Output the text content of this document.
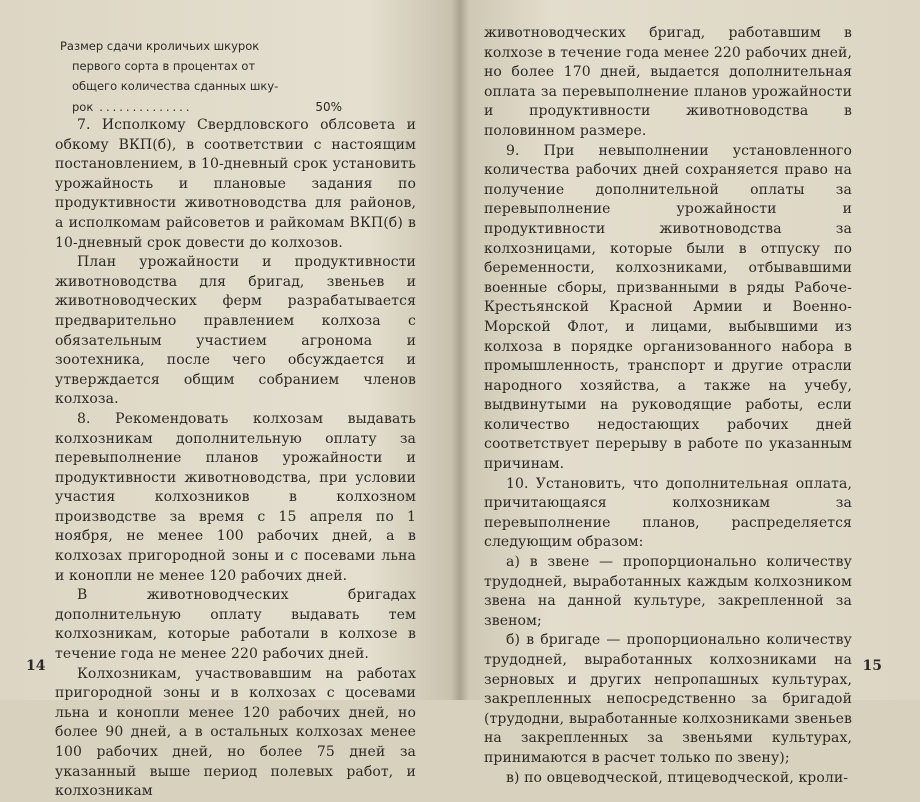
Размер сдачи кроличьих шкурок
первого сорта в процентах от
общего количества сданных шку-
рок ..............	50%

7. Исполкому Свердловского облсовета и обкому ВКП(б), в соответствии с настоящим постановлением, в 10-дневный срок установить урожайность и плановые задания по продуктивности животноводства для районов, а исполкомам райсоветов и райкомам ВКП(б) в 10-дневный срок довести до колхозов.

План урожайности и продуктивности животноводства для бригад, звеньев и животноводческих ферм разрабатывается предварительно правлением колхоза с обязательным участием агронома и зоотехника, после чего обсуждается и утверждается общим собранием членов колхоза.

8. Рекомендовать колхозам выдавать колхозникам дополнительную оплату за перевыполнение планов урожайности и продуктивности животноводства, при условии участия колхозников в колхозном производстве за время с 15 апреля по 1 ноября, не менее 100 рабочих дней, а в колхозах пригородной зоны и с посевами льна и конопли не менее 120 рабочих дней.

В животноводческих бригадах дополнительную оплату выдавать тем колхозникам, которые работали в колхозе в течение года не менее 220 рабочих дней.

Колхозникам, участвовавшим на работах пригородной зоны и в колхозах с цосевами льна и конопли менее 120 рабочих дней, но более 90 дней, а в остальных колхозах менее 100 рабочих дней, но более 75 дней за указанный выше период полевых работ, и колхозникам

14

животноводческих бригад, работавшим в колхозе в течение года менее 220 рабочих дней, но более 170 дней, выдается дополнительная оплата за перевыполнение планов урожайности и продуктивности животноводства в половинном размере.

9. При невыполнении установленного количества рабочих дней сохраняется право на получение дополнительной оплаты за перевыполнение урожайности и продуктивности животноводства за колхозницами, которые были в отпуску по беременности, колхозниками, отбывавшими военные сборы, призванными в ряды Рабоче-Крестьянской Красной Армии и Военно-Морской Флот, и лицами, выбывшими из колхоза в порядке организованного набора в промышленность, транспорт и другие отрасли народного хозяйства, а также на учебу, выдвинутыми на руководящие работы, если количество недостающих рабочих дней соответствует перерыву в работе по указанным причинам.

10. Установить, что дополнительная оплата, причитающаяся колхозникам за перевыполнение планов, распределяется следующим образом:

а) в звене — пропорционально количеству трудодней, выработанных каждым колхозником звена на данной культуре, закрепленной за звеном;

б) в бригаде — пропорционально количеству трудодней, выработанных колхозниками на зерновых и других непропашных культурах, закрепленных непосредственно за бригадой (трудодни, выработанные колхозниками звеньев на закрепленных за звеньями культурах, принимаются в расчет только по звену);

в) по овцеводческой, птицеводческой, кроли-

15
